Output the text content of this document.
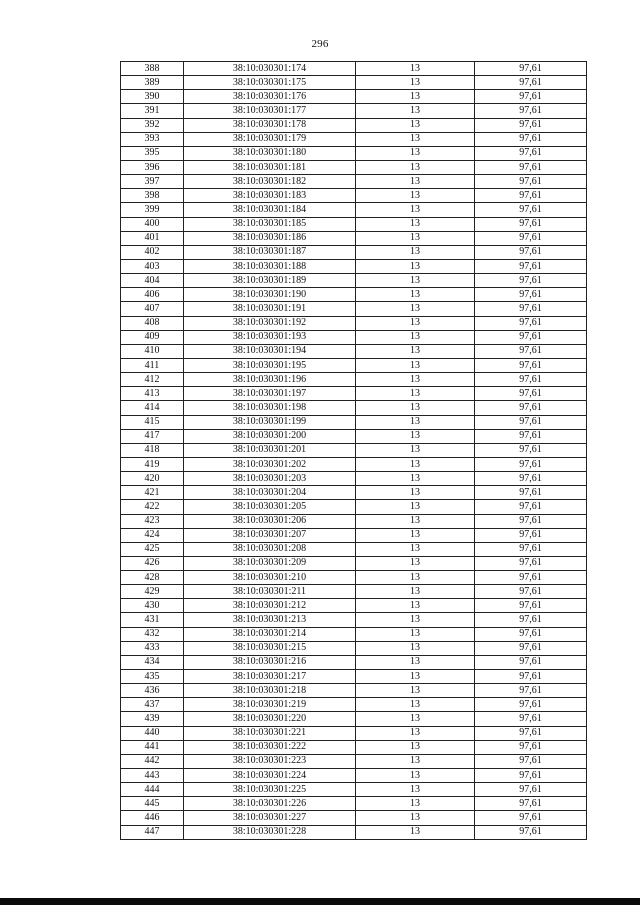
296
388	38:10:030301:174	13	97,61
389	38:10:030301:175	13	97,61
390	38:10:030301:176	13	97,61
391	38:10:030301:177	13	97,61
392	38:10:030301:178	13	97,61
393	38:10:030301:179	13	97,61
395	38:10:030301:180	13	97,61
396	38:10:030301:181	13	97,61
397	38:10:030301:182	13	97,61
398	38:10:030301:183	13	97,61
399	38:10:030301:184	13	97,61
400	38:10:030301:185	13	97,61
401	38:10:030301:186	13	97,61
402	38:10:030301:187	13	97,61
403	38:10:030301:188	13	97,61
404	38:10:030301:189	13	97,61
406	38:10:030301:190	13	97,61
407	38:10:030301:191	13	97,61
408	38:10:030301:192	13	97,61
409	38:10:030301:193	13	97,61
410	38:10:030301:194	13	97,61
411	38:10:030301:195	13	97,61
412	38:10:030301:196	13	97,61
413	38:10:030301:197	13	97,61
414	38:10:030301:198	13	97,61
415	38:10:030301:199	13	97,61
417	38:10:030301:200	13	97,61
418	38:10:030301:201	13	97,61
419	38:10:030301:202	13	97,61
420	38:10:030301:203	13	97,61
421	38:10:030301:204	13	97,61
422	38:10:030301:205	13	97,61
423	38:10:030301:206	13	97,61
424	38:10:030301:207	13	97,61
425	38:10:030301:208	13	97,61
426	38:10:030301:209	13	97,61
428	38:10:030301:210	13	97,61
429	38:10:030301:211	13	97,61
430	38:10:030301:212	13	97,61
431	38:10:030301:213	13	97,61
432	38:10:030301:214	13	97,61
433	38:10:030301:215	13	97,61
434	38:10:030301:216	13	97,61
435	38:10:030301:217	13	97,61
436	38:10:030301:218	13	97,61
437	38:10:030301:219	13	97,61
439	38:10:030301:220	13	97,61
440	38:10:030301:221	13	97,61
441	38:10:030301:222	13	97,61
442	38:10:030301:223	13	97,61
443	38:10:030301:224	13	97,61
444	38:10:030301:225	13	97,61
445	38:10:030301:226	13	97,61
446	38:10:030301:227	13	97,61
447	38:10:030301:228	13	97,61
